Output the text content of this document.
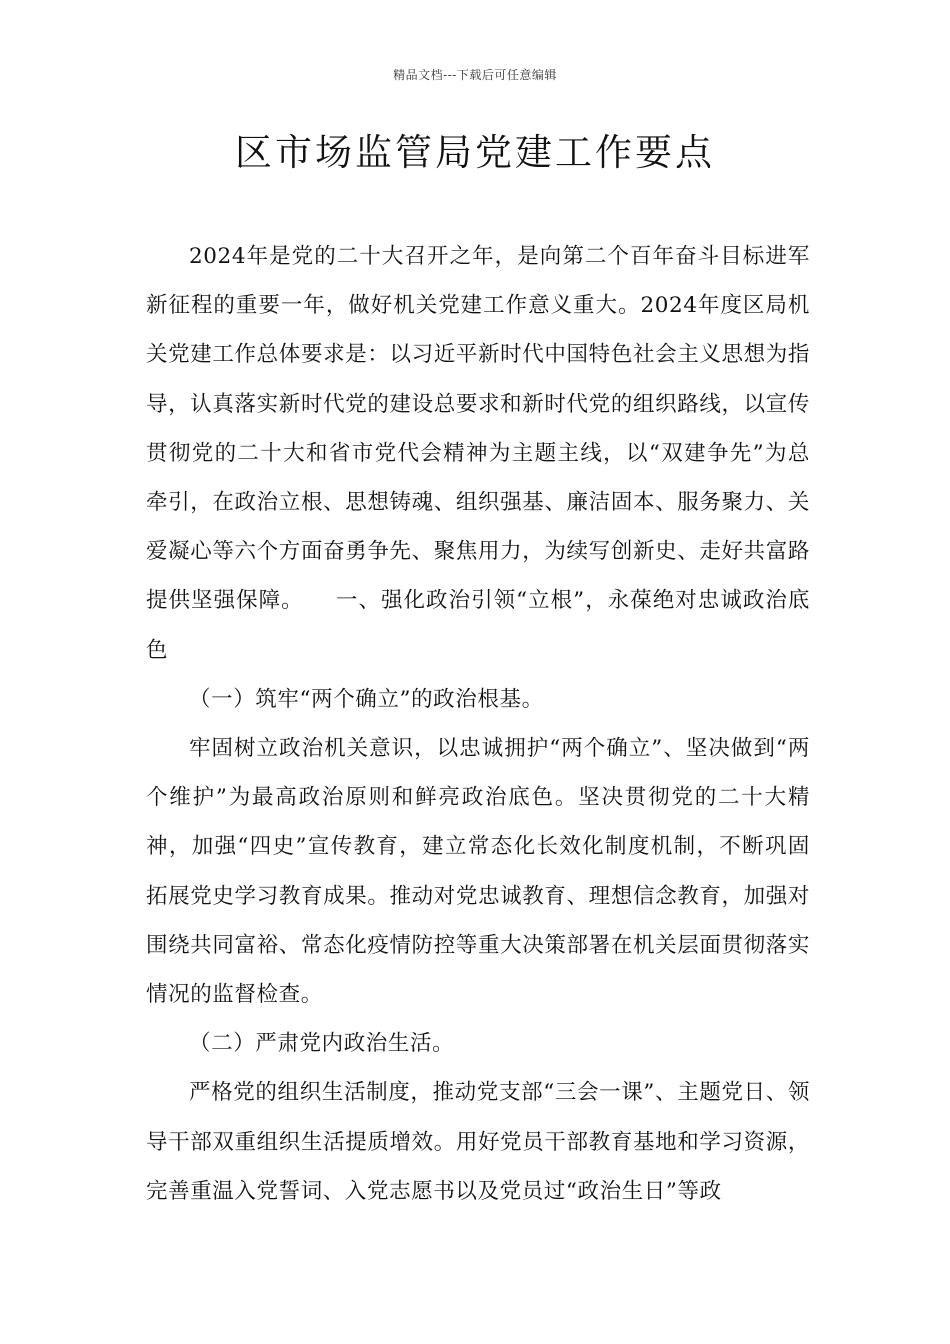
精品文档---下载后可任意编辑
区市场监管局党建工作要点

2024年是党的二十大召开之年，是向第二个百年奋斗目标进军新征程的重要一年，做好机关党建工作意义重大。2024年度区局机关党建工作总体要求是：以习近平新时代中国特色社会主义思想为指导，认真落实新时代党的建设总要求和新时代党的组织路线，以宣传贯彻党的二十大和省市党代会精神为主题主线，以“双建争先”为总牵引，在政治立根、思想铸魂、组织强基、廉洁固本、服务聚力、关爱凝心等六个方面奋勇争先、聚焦用力，为续写创新史、走好共富路提供坚强保障。 一、强化政治引领“立根”，永葆绝对忠诚政治底色

（一）筑牢“两个确立”的政治根基。

牢固树立政治机关意识，以忠诚拥护“两个确立”、坚决做到“两个维护”为最高政治原则和鲜亮政治底色。坚决贯彻党的二十大精神，加强“四史”宣传教育，建立常态化长效化制度机制，不断巩固拓展党史学习教育成果。推动对党忠诚教育、理想信念教育，加强对围绕共同富裕、常态化疫情防控等重大决策部署在机关层面贯彻落实情况的监督检查。

（二）严肃党内政治生活。

严格党的组织生活制度，推动党支部“三会一课”、主题党日、领导干部双重组织生活提质增效。用好党员干部教育基地和学习资源，完善重温入党誓词、入党志愿书以及党员过“政治生日”等政
